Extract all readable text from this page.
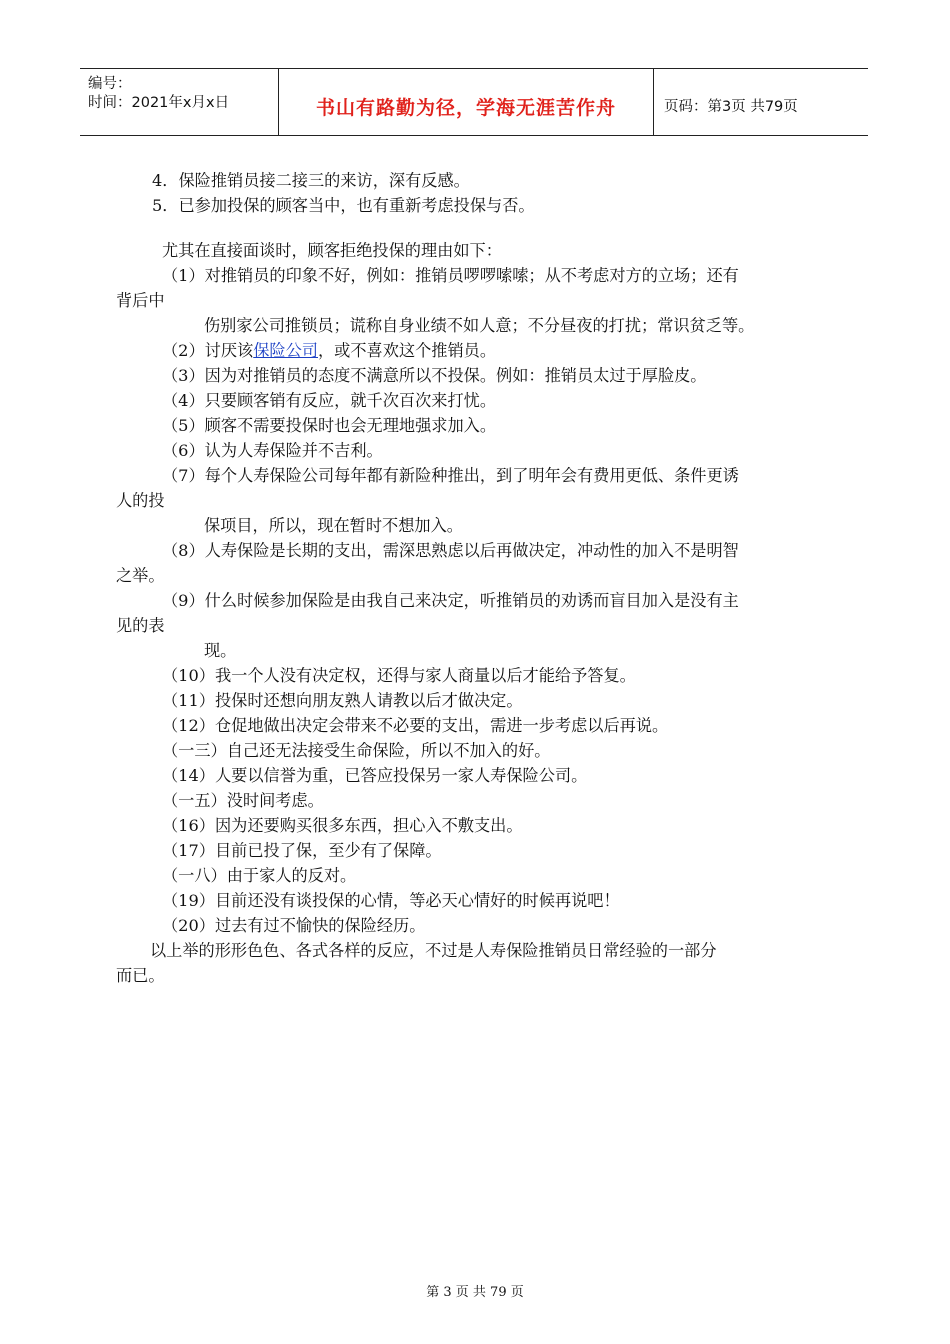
编号：
时间：2021年x月x日	书山有路勤为径，学海无涯苦作舟	页码：第3页 共79页
4．保险推销员接二接三的来访，深有反感。
5．已参加投保的顾客当中，也有重新考虑投保与否。
尤其在直接面谈时，顾客拒绝投保的理由如下：
（1）对推销员的印象不好，例如：推销员啰啰嗦嗦；从不考虑对方的立场；还有
背后中
伤别家公司推锁员；谎称自身业绩不如人意；不分昼夜的打扰；常识贫乏等。
（2）讨厌该保险公司，或不喜欢这个推销员。
（3）因为对推销员的态度不满意所以不投保。例如：推销员太过于厚脸皮。
（4）只要顾客销有反应，就千次百次来打忧。
（5）顾客不需要投保时也会无理地强求加入。
（6）认为人寿保险并不吉利。
（7）每个人寿保险公司每年都有新险种推出，到了明年会有费用更低、条件更诱
人的投
保项目，所以，现在暂时不想加入。
（8）人寿保险是长期的支出，需深思熟虑以后再做决定，冲动性的加入不是明智
之举。
（9）什么时候参加保险是由我自己来决定，听推销员的劝诱而盲目加入是没有主
见的表
现。
（10）我一个人没有决定权，还得与家人商量以后才能给予答复。
（11）投保时还想向朋友熟人请教以后才做决定。
（12）仓促地做出决定会带来不必要的支出，需进一步考虑以后再说。
（一三）自己还无法接受生命保险，所以不加入的好。
（14）人要以信誉为重，已答应投保另一家人寿保险公司。
（一五）没时间考虑。
（16）因为还要购买很多东西，担心入不敷支出。
（17）目前已投了保，至少有了保障。
（一八）由于家人的反对。
（19）目前还没有谈投保的心情，等必天心情好的时候再说吧！
（20）过去有过不愉快的保险经历。
以上举的形形色色、各式各样的反应，不过是人寿保险推销员日常经验的一部分
而已。
第 3 页 共 79 页
